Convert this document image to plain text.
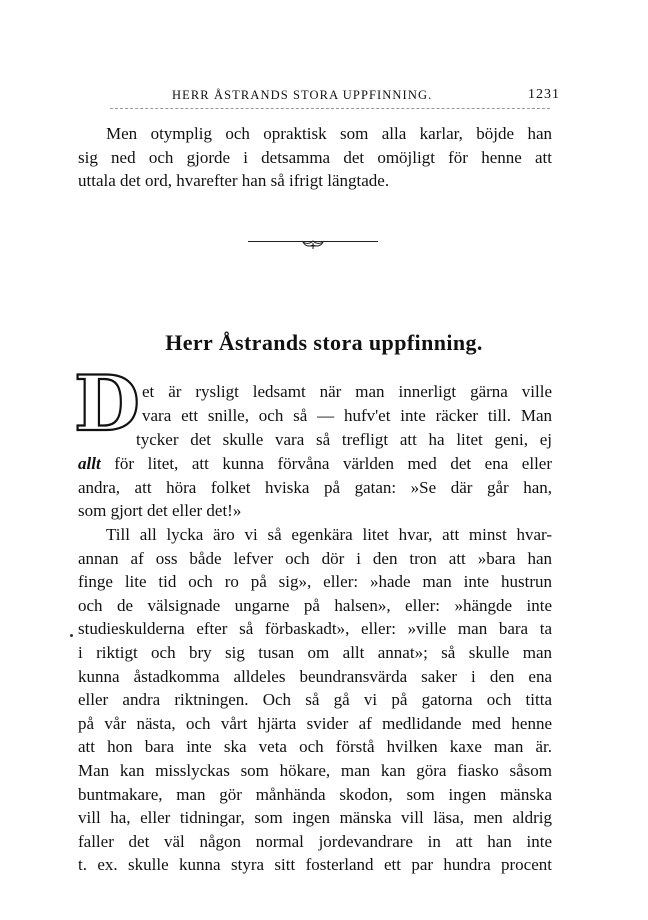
HERR ÅSTRANDS STORA UPPFINNING.	1231

Men otymplig och opraktisk som alla karlar, böjde han

sig ned och gjorde i detsamma det omöjligt för henne att

uttala det ord, hvarefter han så ifrigt längtade.

Herr Åstrands stora uppfinning.
D et är rysligt ledsamt när man innerligt gärna ville
vara ett snille, och så — hufv'et inte räcker till. Man
tycker det skulle vara så trefligt att ha litet geni, ej

allt för litet, att kunna förvåna världen med det ena eller

andra, att höra folket hviska på gatan: »Se där går han,

som gjort det eller det!»

Till all lycka äro vi så egenkära litet hvar, att minst hvar-

annan af oss både lefver och dör i den tron att »bara han

finge lite tid och ro på sig», eller: »hade man inte hustrun

och de välsignade ungarne på halsen», eller: »hängde inte

studieskulderna efter så förbaskadt», eller: »ville man bara ta

i riktigt och bry sig tusan om allt annat»; så skulle man

kunna åstadkomma alldeles beundransvärda saker i den ena

eller andra riktningen. Och så gå vi på gatorna och titta

på vår nästa, och vårt hjärta svider af medlidande med henne

att hon bara inte ska veta och förstå hvilken kaxe man är.

Man kan misslyckas som hökare, man kan göra fiasko såsom

buntmakare, man gör månhända skodon, som ingen mänska

vill ha, eller tidningar, som ingen mänska vill läsa, men aldrig

faller det väl någon normal jordevandrare in att han inte

t. ex. skulle kunna styra sitt fosterland ett par hundra procent
